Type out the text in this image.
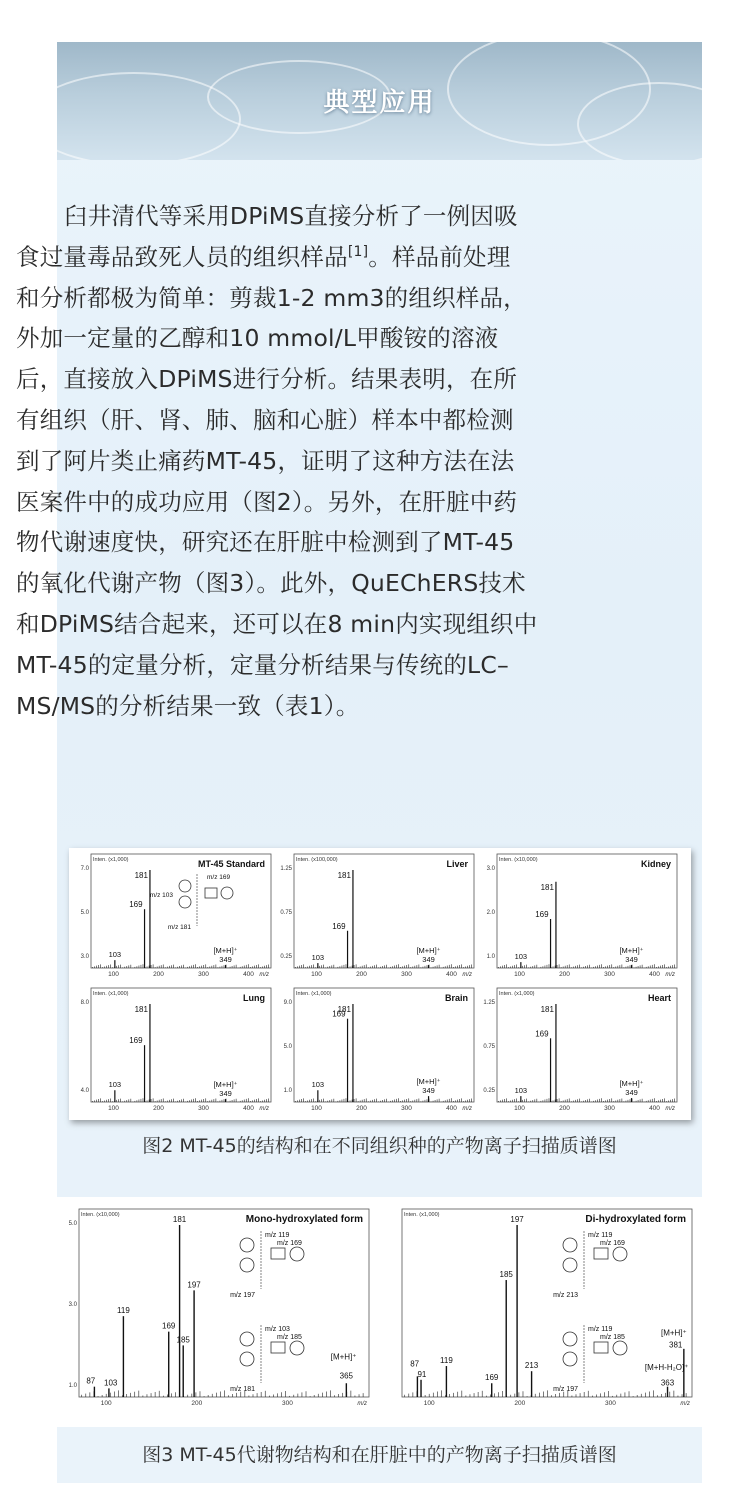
典型应用
臼井清代等采用DPiMS直接分析了一例因吸
食过量毒品致死人员的组织样品[1]。样品前处理
和分析都极为简单：剪裁1-2 mm3的组织样品，
外加一定量的乙醇和10 mmol/L甲酸铵的溶液
后，直接放入DPiMS进行分析。结果表明，在所
有组织（肝、肾、肺、脑和心脏）样本中都检测
到了阿片类止痛药MT-45，证明了这种方法在法
医案件中的成功应用（图2）。另外，在肝脏中药
物代谢速度快，研究还在肝脏中检测到了MT-45
的氧化代谢产物（图3）。此外，QuEChERS技术
和DPiMS结合起来，还可以在8 min内实现组织中
MT-45的定量分析，定量分析结果与传统的LC–
MS/MS的分析结果一致（表1）。
Inten. (x1,000)	MT-45 Standard
7.0
5.0
3.0
100	200	300	400 m/z
181
169
103	[M+H]⁺
349
m/z 169
m/z 103
m/z 181
Inten. (x100,000)	Liver
1.25
0.75
0.25
100	200	300	400 m/z
181
169
103
[M+H]⁺
349
Inten. (x10,000)	Kidney
3.0
2.0
1.0
100	200	300	400 m/z
181
169
103
[M+H]⁺
349
Inten. (x1,000)	Lung
8.0
4.0
100	200	300	400 m/z
181
169
103	[M+H]⁺
349
Inten. (x1,000)	Brain
9.0
5.0
1.0
100	200	300	400 m/z
181
169
103	[M+H]⁺
349
Inten. (x1,000)	Heart
1.25
0.75
0.25
100	200	300	400 m/z
181
169
103
[M+H]⁺
349
图2 MT-45的结构和在不同组织种的产物离子扫描质谱图
Inten. (x10,000)	Mono-hydroxylated form
5.0
3.0
1.0
100	200	300	m/z
181
197
119
169
185
87 103
[M+H]⁺
365
m/z 119
m/z 169
m/z 197
m/z 103
m/z 185
m/z 181
Inten. (x1,000)	Di-hydroxylated form
100	200	300	m/z
197
185
119
87
91
213
169
[M+H]⁺
381
[M+H-H₂O]⁺
363
m/z 119
m/z 169
m/z 213
m/z 119
m/z 185
m/z 197
图3 MT-45代谢物结构和在肝脏中的产物离子扫描质谱图
